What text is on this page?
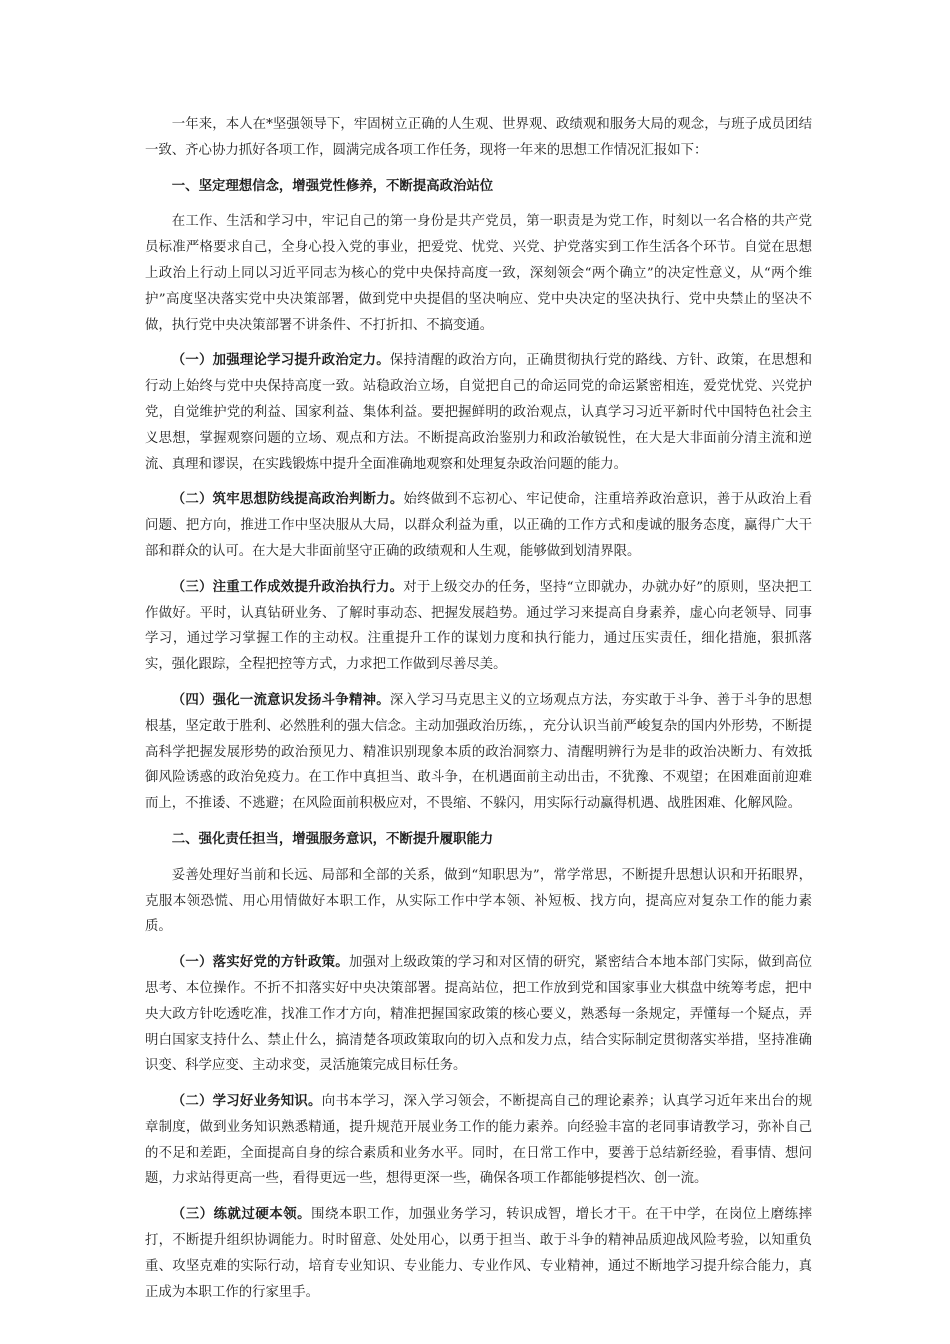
一年来，本人在*坚强领导下，牢固树立正确的人生观、世界观、政绩观和服务大局的观念，与班子成员团结一致、齐心协力抓好各项工作，圆满完成各项工作任务，现将一年来的思想工作情况汇报如下：

一、坚定理想信念，增强党性修养，不断提高政治站位

在工作、生活和学习中，牢记自己的第一身份是共产党员，第一职责是为党工作，时刻以一名合格的共产党员标准严格要求自己，全身心投入党的事业，把爱党、忧党、兴党、护党落实到工作生活各个环节。自觉在思想上政治上行动上同以习近平同志为核心的党中央保持高度一致，深刻领会“两个确立”的决定性意义，从“两个维护”高度坚决落实党中央决策部署，做到党中央提倡的坚决响应、党中央决定的坚决执行、党中央禁止的坚决不做，执行党中央决策部署不讲条件、不打折扣、不搞变通。

（一）加强理论学习提升政治定力。保持清醒的政治方向，正确贯彻执行党的路线、方针、政策，在思想和行动上始终与党中央保持高度一致。站稳政治立场，自觉把自己的命运同党的命运紧密相连，爱党忧党、兴党护党，自觉维护党的利益、国家利益、集体利益。要把握鲜明的政治观点，认真学习习近平新时代中国特色社会主义思想，掌握观察问题的立场、观点和方法。不断提高政治鉴别力和政治敏锐性，在大是大非面前分清主流和逆流、真理和谬误，在实践锻炼中提升全面准确地观察和处理复杂政治问题的能力。

（二）筑牢思想防线提高政治判断力。始终做到不忘初心、牢记使命，注重培养政治意识，善于从政治上看问题、把方向，推进工作中坚决服从大局，以群众利益为重，以正确的工作方式和虔诚的服务态度，赢得广大干部和群众的认可。在大是大非面前坚守正确的政绩观和人生观，能够做到划清界限。

（三）注重工作成效提升政治执行力。对于上级交办的任务，坚持“立即就办，办就办好”的原则，坚决把工作做好。平时，认真钻研业务、了解时事动态、把握发展趋势。通过学习来提高自身素养，虚心向老领导、同事学习，通过学习掌握工作的主动权。注重提升工作的谋划力度和执行能力，通过压实责任，细化措施，狠抓落实，强化跟踪，全程把控等方式，力求把工作做到尽善尽美。

（四）强化一流意识发扬斗争精神。深入学习马克思主义的立场观点方法，夯实敢于斗争、善于斗争的思想根基，坚定敢于胜利、必然胜利的强大信念。主动加强政治历练，，充分认识当前严峻复杂的国内外形势，不断提高科学把握发展形势的政治预见力、精准识别现象本质的政治洞察力、清醒明辨行为是非的政治决断力、有效抵御风险诱惑的政治免疫力。在工作中真担当、敢斗争，在机遇面前主动出击，不犹豫、不观望；在困难面前迎难而上，不推诿、不逃避；在风险面前积极应对，不畏缩、不躲闪，用实际行动赢得机遇、战胜困难、化解风险。

二、强化责任担当，增强服务意识，不断提升履职能力

妥善处理好当前和长远、局部和全部的关系，做到“知职思为”，常学常思，不断提升思想认识和开拓眼界，克服本领恐慌、用心用情做好本职工作，从实际工作中学本领、补短板、找方向，提高应对复杂工作的能力素质。

（一）落实好党的方针政策。加强对上级政策的学习和对区情的研究，紧密结合本地本部门实际，做到高位思考、本位操作。不折不扣落实好中央决策部署。提高站位，把工作放到党和国家事业大棋盘中统筹考虑，把中央大政方针吃透吃准，找准工作才方向，精准把握国家政策的核心要义，熟悉每一条规定，弄懂每一个疑点，弄明白国家支持什么、禁止什么，搞清楚各项政策取向的切入点和发力点，结合实际制定贯彻落实举措，坚持准确识变、科学应变、主动求变，灵活施策完成目标任务。

（二）学习好业务知识。向书本学习，深入学习领会，不断提高自己的理论素养；认真学习近年来出台的规章制度，做到业务知识熟悉精通，提升规范开展业务工作的能力素养。向经验丰富的老同事请教学习，弥补自己的不足和差距，全面提高自身的综合素质和业务水平。同时，在日常工作中，要善于总结新经验，看事情、想问题，力求站得更高一些，看得更远一些，想得更深一些，确保各项工作都能够提档次、创一流。

（三）练就过硬本领。围绕本职工作，加强业务学习，转识成智，增长才干。在干中学，在岗位上磨练摔打，不断提升组织协调能力。时时留意、处处用心，以勇于担当、敢于斗争的精神品质迎战风险考验，以知重负重、攻坚克难的实际行动，培育专业知识、专业能力、专业作风、专业精神，通过不断地学习提升综合能力，真正成为本职工作的行家里手。
